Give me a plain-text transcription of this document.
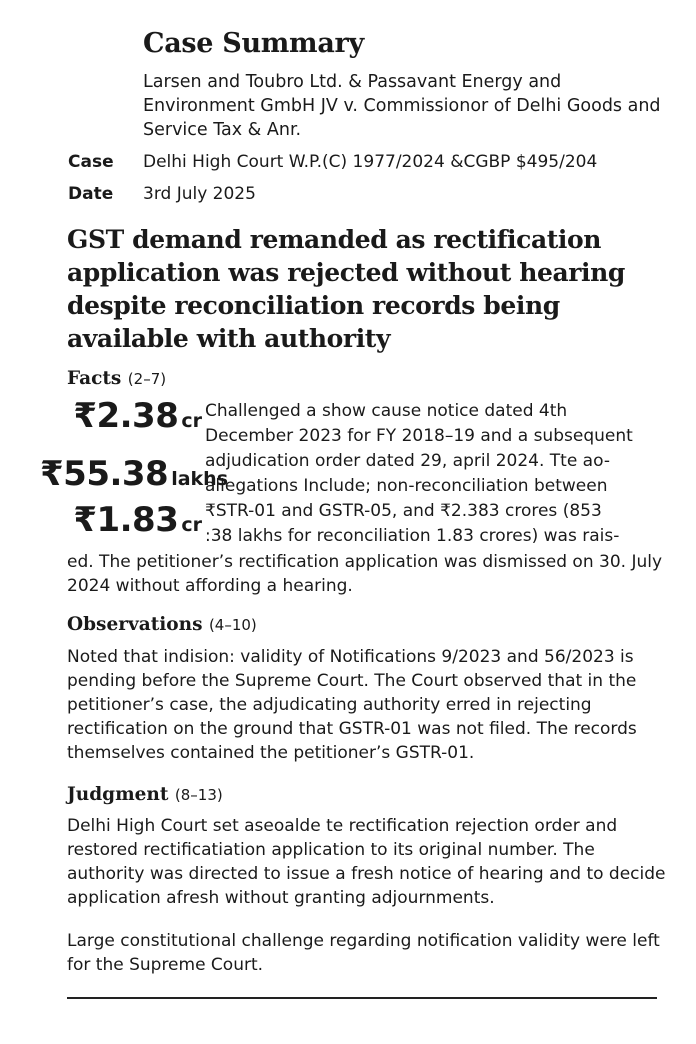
Case Summary
Larsen and Toubro Ltd. & Passavant Energy and Environment GmbH JV v. Commissionor of Delhi Goods and Service Tax & Anr.
Case Delhi High Court W.P.(C) 1977/2024 &CGBP $495/204
Date 3rd July 2025
GST demand remanded as rectification application was rejected without hearing despite reconciliation records being available with authority
Facts (2–7)
₹2.38 cr
₹55.38 lakhs
₹1.83 cr
Challenged a show cause notice dated 4th
December 2023 for FY 2018–19 and a subsequent
adjudication order dated 29, april 2024. Tte ao-
allegations Include; non-reconciliation between
₹STR-01 and GSTR-05, and ₹2.383 crores (853
:38 lakhs for reconciliation 1.83 crores) was rais-
ed. The petitioner’s rectification application was dismissed on 30. July 2024 without affording a hearing.
Observations (4–10)
Noted that indision: validity of Notifications 9/2023 and 56/2023 is pending before the Supreme Court. The Court observed that in the petitioner’s case, the adjudicating authority erred in rejecting rectification on the ground that GSTR-01 was not filed. The records themselves contained the petitioner’s GSTR-01.
Judgment (8–13)
Delhi High Court set aseoalde te rectification rejection order and restored rectificatiation application to its original number. The authority was directed to issue a fresh notice of hearing and to decide application afresh without granting adjournments.
Large constitutional challenge regarding notification validity were left for the Supreme Court.
